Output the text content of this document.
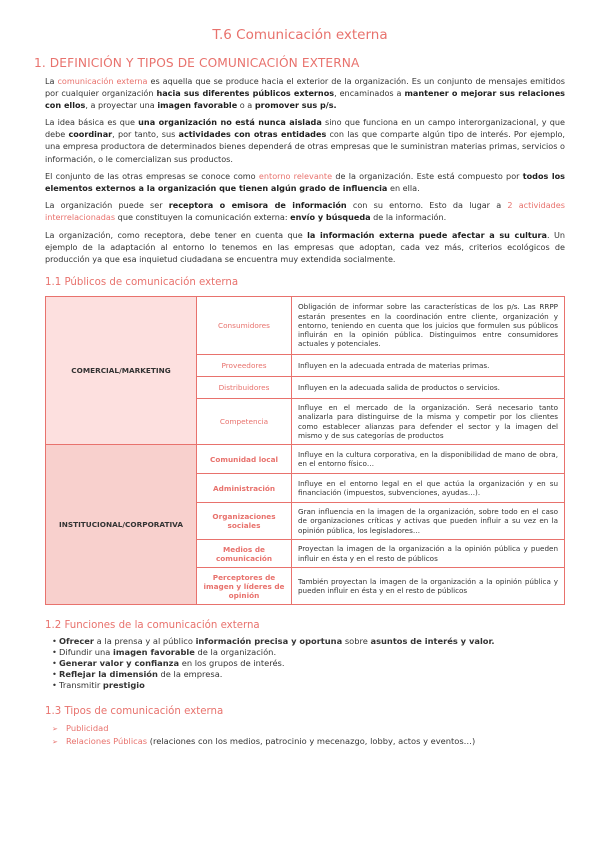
T.6 Comunicación externa
1. DEFINICIÓN Y TIPOS DE COMUNICACIÓN EXTERNA
La comunicación externa es aquella que se produce hacia el exterior de la organización. Es un conjunto de mensajes emitidos por cualquier organización hacia sus diferentes públicos externos, encaminados a mantener o mejorar sus relaciones con ellos, a proyectar una imagen favorable o a promover sus p/s.
La idea básica es que una organización no está nunca aislada sino que funciona en un campo interorganizacional, y que debe coordinar, por tanto, sus actividades con otras entidades con las que comparte algún tipo de interés. Por ejemplo, una empresa productora de determinados bienes dependerá de otras empresas que le suministran materias primas, servicios o información, o le comercializan sus productos.
El conjunto de las otras empresas se conoce como entorno relevante de la organización. Este está compuesto por todos los elementos externos a la organización que tienen algún grado de influencia en ella.
La organización puede ser receptora o emisora de información con su entorno. Esto da lugar a 2 actividades interrelacionadas que constituyen la comunicación externa: envío y búsqueda de la información.
La organización, como receptora, debe tener en cuenta que la información externa puede afectar a su cultura. Un ejemplo de la adaptación al entorno lo tenemos en las empresas que adoptan, cada vez más, criterios ecológicos de producción ya que esa inquietud ciudadana se encuentra muy extendida socialmente.
1.1 Públicos de comunicación externa
COMERCIAL/MARKETING	Consumidores	Obligación de informar sobre las características de los p/s. Las RRPP estarán presentes en la coordinación entre cliente, organización y entorno, teniendo en cuenta que los juicios que formulen sus públicos influirán en la opinión pública. Distinguimos entre consumidores actuales y potenciales.
	Proveedores	Influyen en la adecuada entrada de materias primas.
	Distribuidores	Influyen en la adecuada salida de productos o servicios.
	Competencia	Influye en el mercado de la organización. Será necesario tanto analizarla para distinguirse de la misma y competir por los clientes como establecer alianzas para defender el sector y la imagen del mismo y de sus categorías de productos
INSTITUCIONAL/CORPORATIVA	Comunidad local	Influye en la cultura corporativa, en la disponibilidad de mano de obra, en el entorno físico…
	Administración	Influye en el entorno legal en el que actúa la organización y en su financiación (impuestos, subvenciones, ayudas…).
	Organizaciones sociales	Gran influencia en la imagen de la organización, sobre todo en el caso de organizaciones críticas y activas que pueden influir a su vez en la opinión pública, los legisladores…
	Medios de comunicación	Proyectan la imagen de la organización a la opinión pública y pueden influir en ésta y en el resto de públicos
	Perceptores de imagen y líderes de opinión	También proyectan la imagen de la organización a la opinión pública y pueden influir en ésta y en el resto de públicos
1.2 Funciones de la comunicación externa
• Ofrecer a la prensa y al público información precisa y oportuna sobre asuntos de interés y valor.
• Difundir una imagen favorable de la organización.
• Generar valor y confianza en los grupos de interés.
• Reflejar la dimensión de la empresa.
• Transmitir prestigio
1.3 Tipos de comunicación externa
➢ Publicidad
➢ Relaciones Públicas (relaciones con los medios, patrocinio y mecenazgo, lobby, actos y eventos…)
